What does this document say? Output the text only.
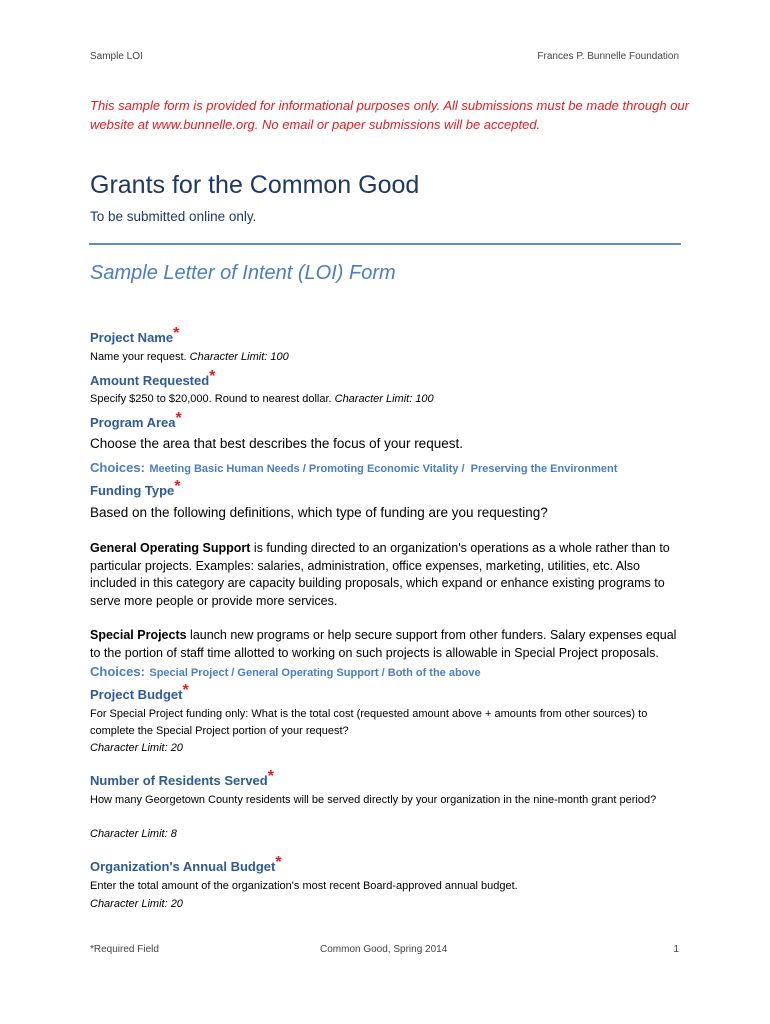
Sample LOI	Frances P. Bunnelle Foundation
This sample form is provided for informational purposes only. All submissions must be made through our website at www.bunnelle.org. No email or paper submissions will be accepted.
Grants for the Common Good
To be submitted online only.
Sample Letter of Intent (LOI) Form
Project Name*
Name your request. Character Limit: 100
Amount Requested*
Specify $250 to $20,000. Round to nearest dollar. Character Limit: 100
Program Area*
Choose the area that best describes the focus of your request.
Choices: Meeting Basic Human Needs / Promoting Economic Vitality /  Preserving the Environment
Funding Type*
Based on the following definitions, which type of funding are you requesting?
General Operating Support is funding directed to an organization's operations as a whole rather than to particular projects. Examples: salaries, administration, office expenses, marketing, utilities, etc. Also included in this category are capacity building proposals, which expand or enhance existing programs to serve more people or provide more services.
Special Projects launch new programs or help secure support from other funders. Salary expenses equal to the portion of staff time allotted to working on such projects is allowable in Special Project proposals.
Choices: Special Project / General Operating Support / Both of the above
Project Budget*
For Special Project funding only: What is the total cost (requested amount above + amounts from other sources) to complete the Special Project portion of your request?
Character Limit: 20
Number of Residents Served*
How many Georgetown County residents will be served directly by your organization in the nine-month grant period?
Character Limit: 8
Organization's Annual Budget*
Enter the total amount of the organization's most recent Board-approved annual budget.
Character Limit: 20
*Required Field	Common Good, Spring 2014	1
